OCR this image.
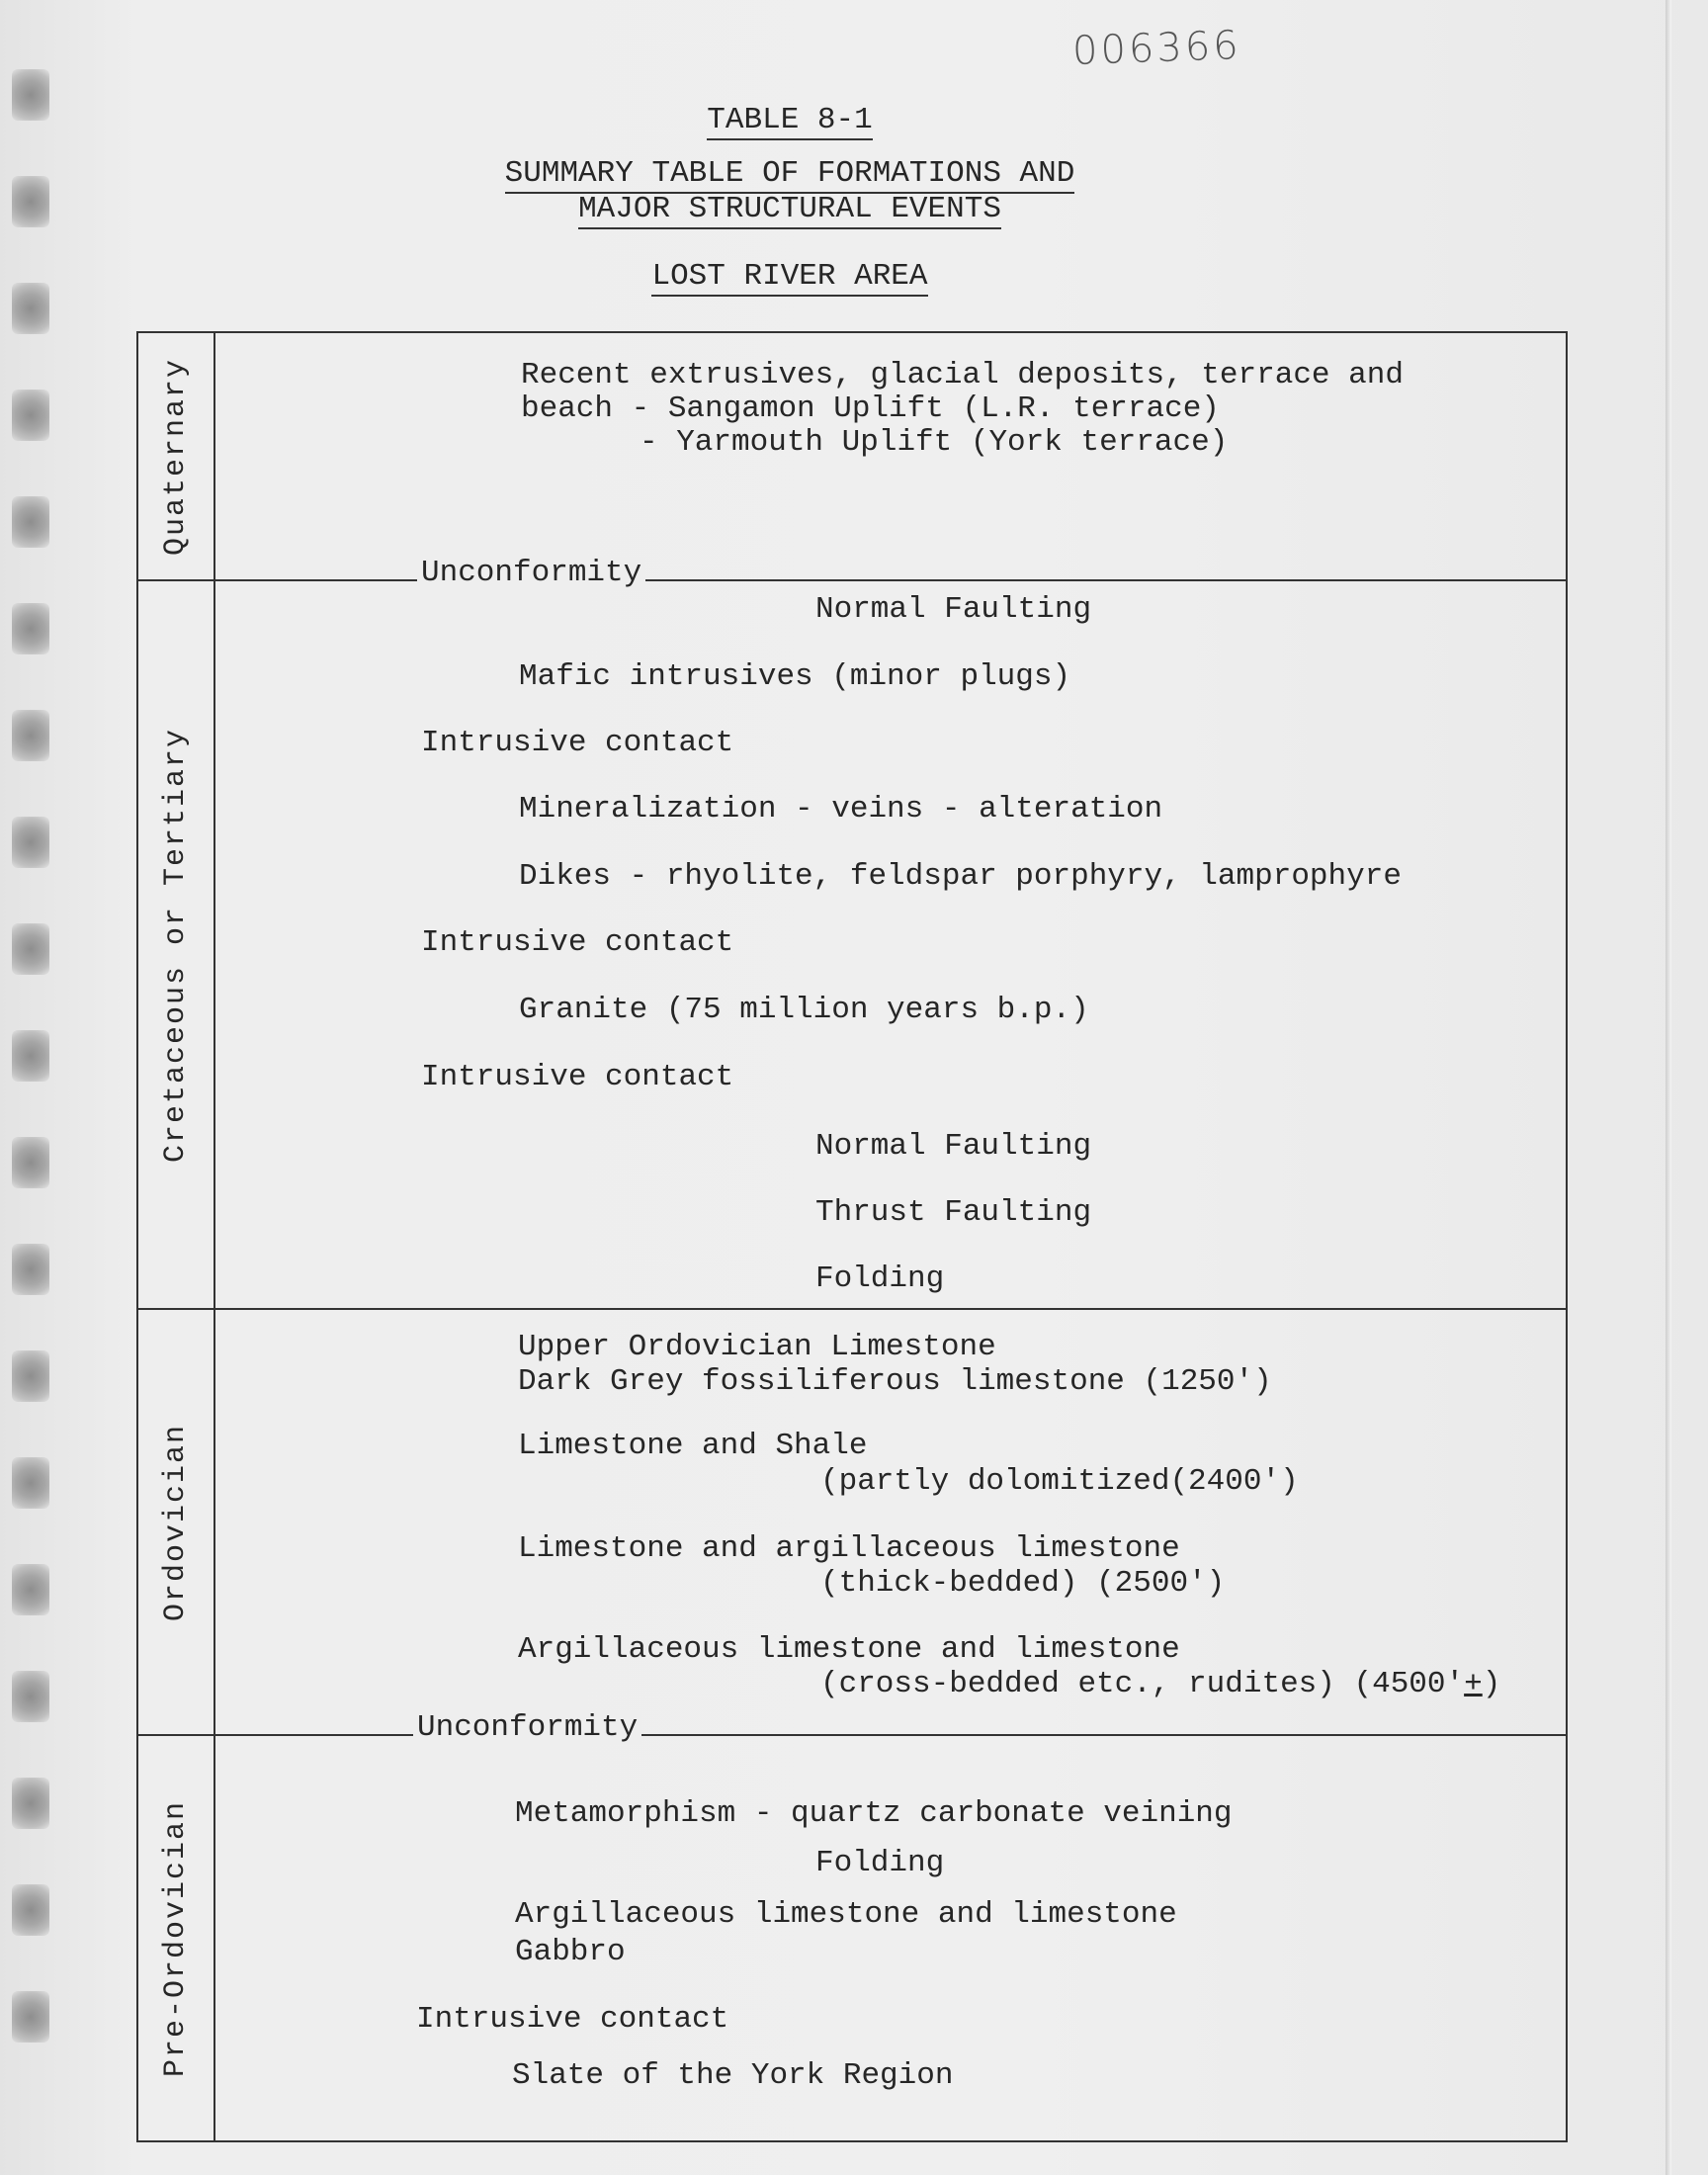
006366
TABLE 8-1
SUMMARY TABLE OF FORMATIONS AND
MAJOR STRUCTURAL EVENTS
LOST RIVER AREA
Quaternary
Cretaceous or Tertiary
Ordovician
Pre-Ordovician
Recent extrusives, glacial deposits, terrace and
beach - Sangamon Uplift (L.R. terrace)
- Yarmouth Uplift (York terrace)
Unconformity
Normal Faulting
Mafic intrusives (minor plugs)
Intrusive contact
Mineralization - veins - alteration
Dikes - rhyolite, feldspar porphyry, lamprophyre
Intrusive contact
Granite (75 million years b.p.)
Intrusive contact
Normal Faulting
Thrust Faulting
Folding
Upper Ordovician Limestone
Dark Grey fossiliferous limestone (1250')
Limestone and Shale
(partly dolomitized(2400')
Limestone and argillaceous limestone
(thick-bedded) (2500')
Argillaceous limestone and limestone
(cross-bedded etc., rudites) (4500'+)
Unconformity
Metamorphism - quartz carbonate veining
Folding
Argillaceous limestone and limestone
Gabbro
Intrusive contact
Slate of the York Region
